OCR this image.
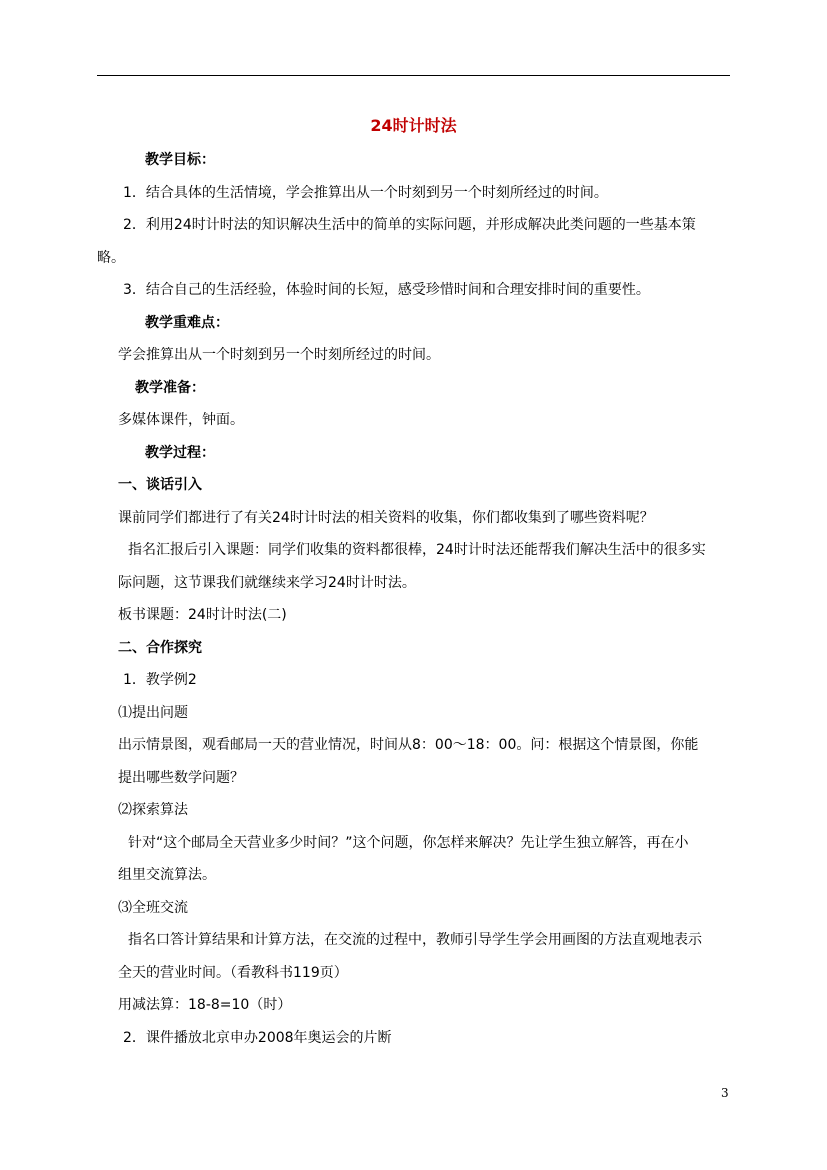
24时计时法
教学目标：
1．结合具体的生活情境，学会推算出从一个时刻到另一个时刻所经过的时间。
2．利用24时计时法的知识解决生活中的简单的实际问题，并形成解决此类问题的一些基本策
略。
3．结合自己的生活经验，体验时间的长短，感受珍惜时间和合理安排时间的重要性。
教学重难点：
学会推算出从一个时刻到另一个时刻所经过的时间。
教学准备：
多媒体课件，钟面。
教学过程：
一、谈话引入
课前同学们都进行了有关24时计时法的相关资料的收集，你们都收集到了哪些资料呢？
指名汇报后引入课题：同学们收集的资料都很棒，24时计时法还能帮我们解决生活中的很多实
际问题，这节课我们就继续来学习24时计时法。
板书课题：24时计时法(二)
二、合作探究
1．教学例2
⑴提出问题
出示情景图，观看邮局一天的营业情况，时间从8：00～18：00。问：根据这个情景图，你能
提出哪些数学问题？
⑵探索算法
针对“这个邮局全天营业多少时间？”这个问题，你怎样来解决？先让学生独立解答，再在小
组里交流算法。
⑶全班交流
指名口答计算结果和计算方法，在交流的过程中，教师引导学生学会用画图的方法直观地表示
全天的营业时间。（看教科书119页）
用减法算：18-8=10（时）
2．课件播放北京申办2008年奥运会的片断
3
